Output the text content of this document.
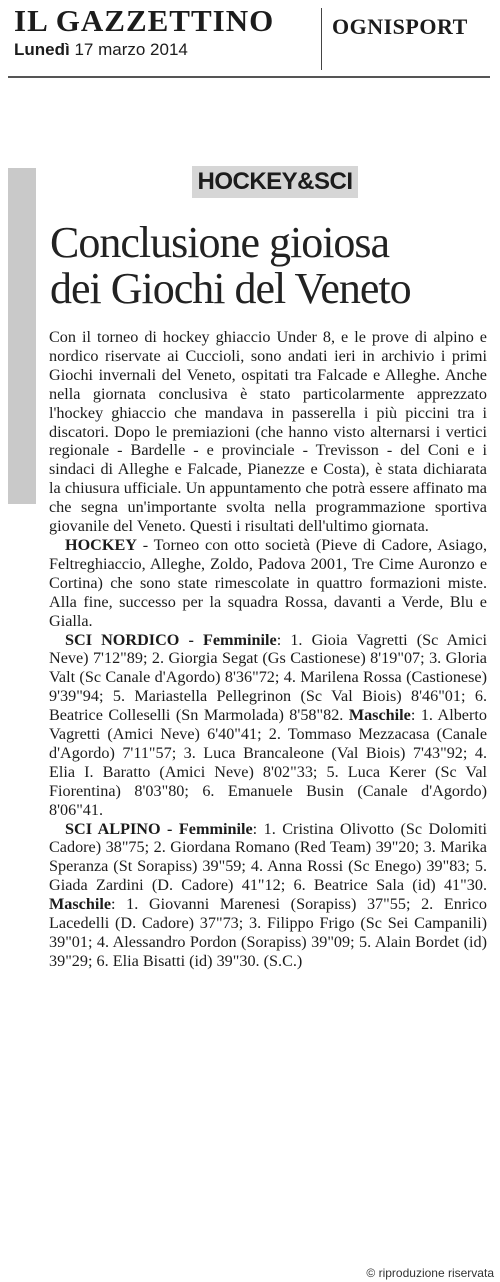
IL GAZZETTINO
Lunedì 17 marzo 2014
OGNISPORT
HOCKEY&SCI
Conclusione gioiosa
dei Giochi del Veneto

Con il torneo di hockey ghiaccio Under 8, e le prove di alpino e nordico riservate ai Cuccioli, sono andati ieri in archivio i primi Giochi invernali del Veneto, ospitati tra Falcade e Alleghe. Anche nella giornata conclusiva è stato particolarmente apprezzato l'hockey ghiaccio che mandava in passerella i più piccini tra i discatori. Dopo le premiazioni (che hanno visto alternarsi i vertici regionale - Bardelle - e provinciale - Trevisson - del Coni e i sindaci di Alleghe e Falcade, Pianezze e Costa), è stata dichiarata la chiusura ufficiale. Un appuntamento che potrà essere affinato ma che segna un'importante svolta nella programmazione sportiva giovanile del Veneto. Questi i risultati dell'ultimo giornata.

HOCKEY - Torneo con otto società (Pieve di Cadore, Asiago, Feltreghiaccio, Alleghe, Zoldo, Padova 2001, Tre Cime Auronzo e Cortina) che sono state rimescolate in quattro formazioni miste. Alla fine, successo per la squadra Rossa, davanti a Verde, Blu e Gialla.

SCI NORDICO - Femminile: 1. Gioia Vagretti (Sc Amici Neve) 7'12"89; 2. Giorgia Segat (Gs Castionese) 8'19"07; 3. Gloria Valt (Sc Canale d'Agordo) 8'36"72; 4. Marilena Rossa (Castionese) 9'39"94; 5. Mariastella Pellegrinon (Sc Val Biois) 8'46"01; 6. Beatrice Colleselli (Sn Marmolada) 8'58"82. Maschile: 1. Alberto Vagretti (Amici Neve) 6'40"41; 2. Tommaso Mezzacasa (Canale d'Agordo) 7'11"57; 3. Luca Brancaleone (Val Biois) 7'43"92; 4. Elia I. Baratto (Amici Neve) 8'02"33; 5. Luca Kerer (Sc Val Fiorentina) 8'03"80; 6. Emanuele Busin (Canale d'Agordo) 8'06"41.

SCI ALPINO - Femminile: 1. Cristina Olivotto (Sc Dolomiti Cadore) 38"75; 2. Giordana Romano (Red Team) 39"20; 3. Marika Speranza (St Sorapiss) 39"59; 4. Anna Rossi (Sc Enego) 39"83; 5. Giada Zardini (D. Cadore) 41"12; 6. Beatrice Sala (id) 41"30. Maschile: 1. Giovanni Marenesi (Sorapiss) 37"55; 2. Enrico Lacedelli (D. Cadore) 37"73; 3. Filippo Frigo (Sc Sei Campanili) 39"01; 4. Alessandro Pordon (Sorapiss) 39"09; 5. Alain Bordet (id) 39"29; 6. Elia Bisatti (id) 39"30. (S.C.)

© riproduzione riservata
